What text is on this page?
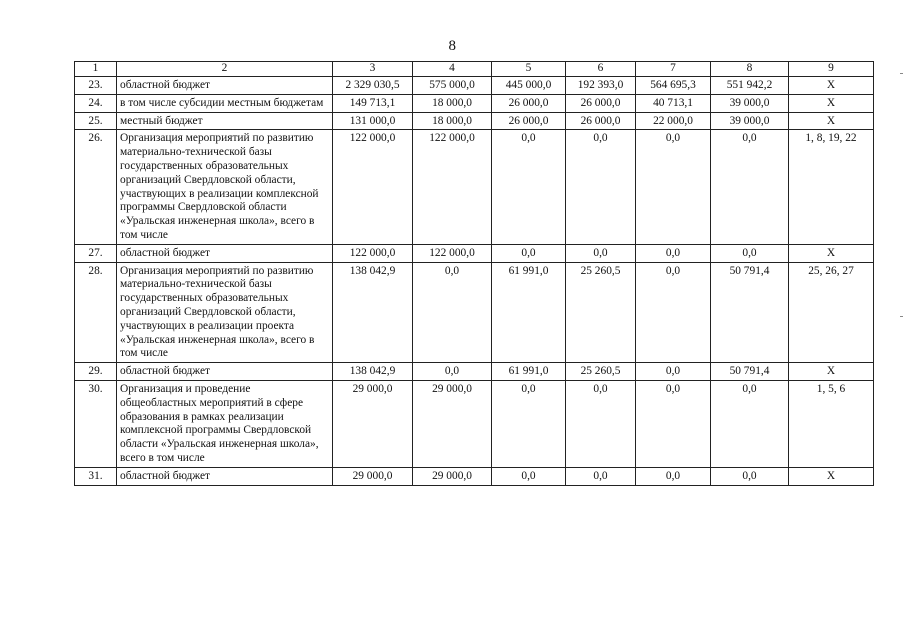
8
1	2	3	4	5	6	7	8	9
23.	областной бюджет	2 329 030,5	575 000,0	445 000,0	192 393,0	564 695,3	551 942,2	X
24.	в том числе субсидии местным бюджетам	149 713,1	18 000,0	26 000,0	26 000,0	40 713,1	39 000,0	X
25.	местный бюджет	131 000,0	18 000,0	26 000,0	26 000,0	22 000,0	39 000,0	X
26.	Организация мероприятий по развитию материально-технической базы государственных образовательных организаций Свердловской области, участвующих в реализации комплексной программы Свердловской области «Уральская инженерная школа», всего в том числе	122 000,0	122 000,0	0,0	0,0	0,0	0,0	1, 8, 19, 22
27.	областной бюджет	122 000,0	122 000,0	0,0	0,0	0,0	0,0	X
28.	Организация мероприятий по развитию материально-технической базы государственных образовательных организаций Свердловской области, участвующих в реализации проекта «Уральская инженерная школа», всего в том числе	138 042,9	0,0	61 991,0	25 260,5	0,0	50 791,4	25, 26, 27
29.	областной бюджет	138 042,9	0,0	61 991,0	25 260,5	0,0	50 791,4	X
30.	Организация и проведение общеобластных мероприятий в сфере образования в рамках реализации комплексной программы Свердловской области «Уральская инженерная школа», всего в том числе	29 000,0	29 000,0	0,0	0,0	0,0	0,0	1, 5, 6
31.	областной бюджет	29 000,0	29 000,0	0,0	0,0	0,0	0,0	X
